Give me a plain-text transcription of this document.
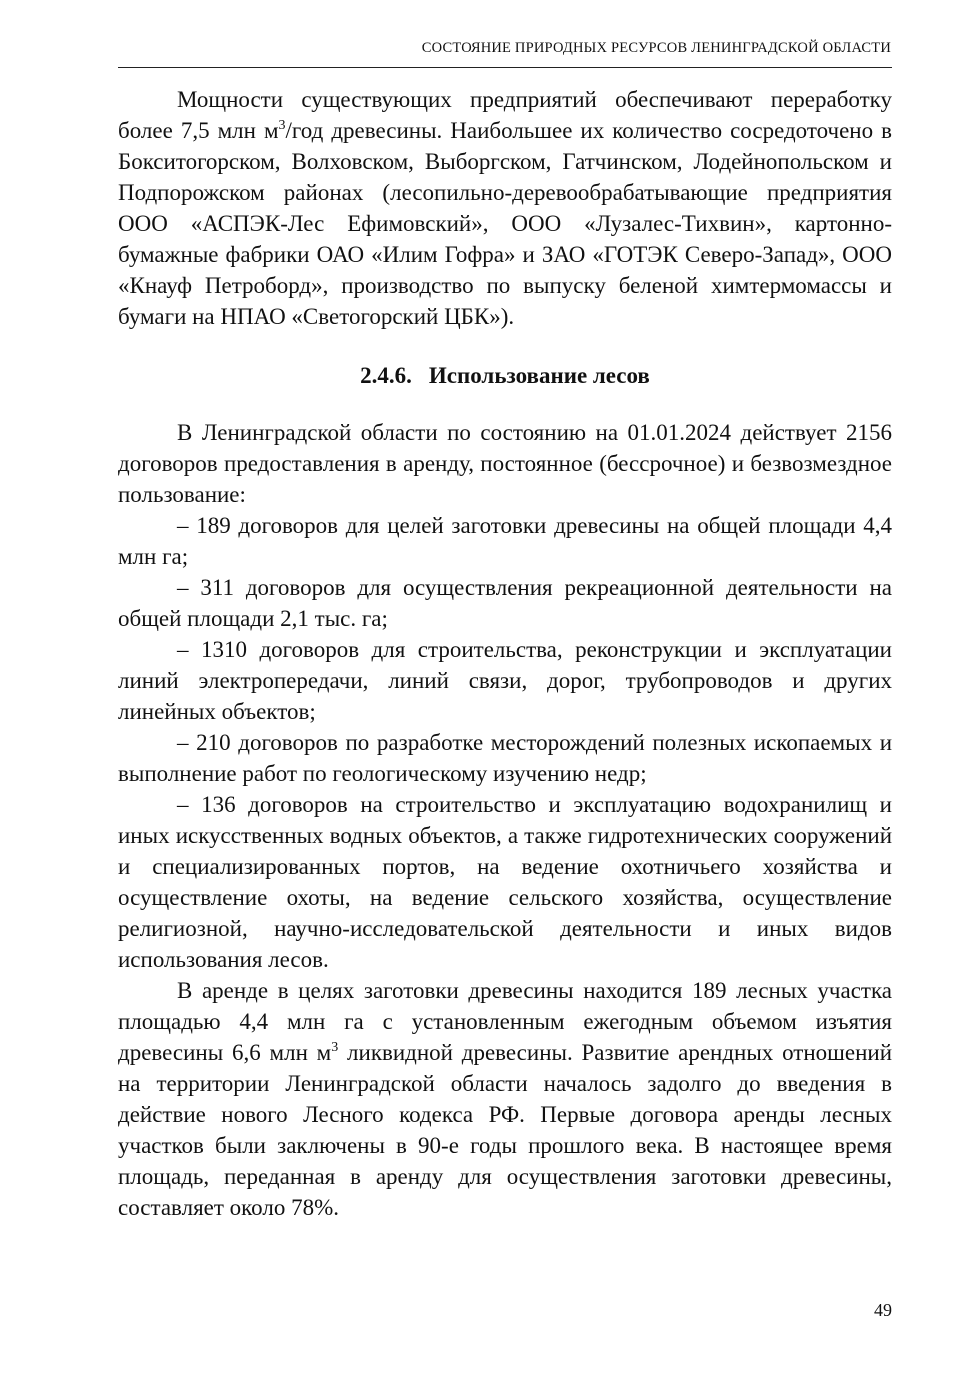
СОСТОЯНИЕ ПРИРОДНЫХ РЕСУРСОВ ЛЕНИНГРАДСКОЙ ОБЛАСТИ

Мощности существующих предприятий обеспечивают переработку более 7,5 млн $м^3$/год древесины. Наибольшее их количество сосредоточено в Бокситогорском, Волховском, Выборгском, Гатчинском, Лодейнопольском и Подпорожском районах (лесопильно-деревообрабатывающие предприятия ООО «АСПЭК-Лес Ефимовский», ООО «Лузалес-Тихвин», картонно-бумажные фабрики ОАО «Илим Гофра» и ЗАО «ГОТЭК Северо-Запад», ООО «Кнауф Петроборд», производство по выпуску беленой химтермомассы и бумаги на НПАО «Светогорский ЦБК»).

2.4.6. Использование лесов

В Ленинградской области по состоянию на 01.01.2024 действует 2156 договоров предоставления в аренду, постоянное (бессрочное) и безвозмездное пользование:

– 189 договоров для целей заготовки древесины на общей площади 4,4 млн га;

– 311 договоров для осуществления рекреационной деятельности на общей площади 2,1 тыс. га;

– 1310 договоров для строительства, реконструкции и эксплуатации линий электропередачи, линий связи, дорог, трубопроводов и других линейных объектов;

– 210 договоров по разработке месторождений полезных ископаемых и выполнение работ по геологическому изучению недр;

– 136 договоров на строительство и эксплуатацию водохранилищ и иных искусственных водных объектов, а также гидротехнических сооружений и специализированных портов, на ведение охотничьего хозяйства и осуществление охоты, на ведение сельского хозяйства, осуществление религиозной, научно-исследовательской деятельности и иных видов использования лесов.

В аренде в целях заготовки древесины находится 189 лесных участка площадью 4,4 млн га с установленным ежегодным объемом изъятия древесины 6,6 млн $м^3$ ликвидной древесины. Развитие арендных отношений на территории Ленинградской области началось задолго до введения в действие нового Лесного кодекса РФ. Первые договора аренды лесных участков были заключены в 90-е годы прошлого века. В настоящее время площадь, переданная в аренду для осуществления заготовки древесины, составляет около 78%.

49
